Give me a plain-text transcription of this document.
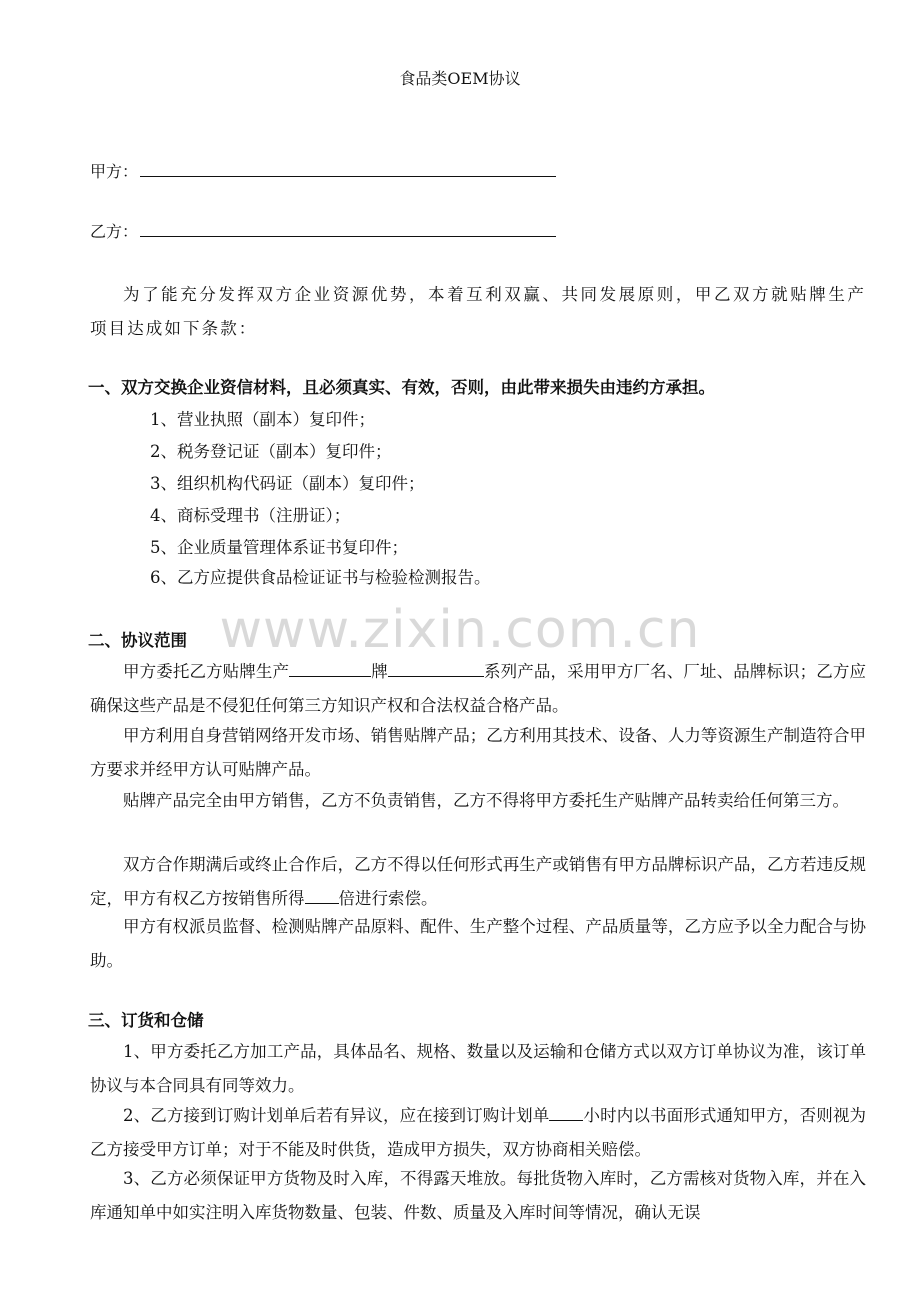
食品类OEM协议
甲方：
乙方：
为了能充分发挥双方企业资源优势，本着互利双赢、共同发展原则，甲乙双方就贴牌生产项目达成如下条款：
一、双方交换企业资信材料，且必须真实、有效，否则，由此带来损失由违约方承担。
1、营业执照（副本）复印件；
2、税务登记证（副本）复印件；
3、组织机构代码证（副本）复印件；
4、商标受理书（注册证）；
5、企业质量管理体系证书复印件；
6、乙方应提供食品检证证书与检验检测报告。
www.zixin.com.cn
二、协议范围
甲方委托乙方贴牌生产	牌	系列产品，采用甲方厂名、厂址、品牌标识；乙方应确保这些产品是不侵犯任何第三方知识产权和合法权益合格产品。
甲方利用自身营销网络开发市场、销售贴牌产品；乙方利用其技术、设备、人力等资源生产制造符合甲方要求并经甲方认可贴牌产品。
贴牌产品完全由甲方销售，乙方不负责销售，乙方不得将甲方委托生产贴牌产品转卖给任何第三方。
双方合作期满后或终止合作后，乙方不得以任何形式再生产或销售有甲方品牌标识产品，乙方若违反规定，甲方有权乙方按销售所得 倍进行索偿。
甲方有权派员监督、检测贴牌产品原料、配件、生产整个过程、产品质量等，乙方应予以全力配合与协助。
三、订货和仓储
1、甲方委托乙方加工产品，具体品名、规格、数量以及运输和仓储方式以双方订单协议为准，该订单协议与本合同具有同等效力。
2、乙方接到订购计划单后若有异议，应在接到订购计划单 小时内以书面形式通知甲方，否则视为乙方接受甲方订单；对于不能及时供货，造成甲方损失，双方协商相关赔偿。
3、乙方必须保证甲方货物及时入库，不得露天堆放。每批货物入库时，乙方需核对货物入库，并在入库通知单中如实注明入库货物数量、包装、件数、质量及入库时间等情况，确认无误
